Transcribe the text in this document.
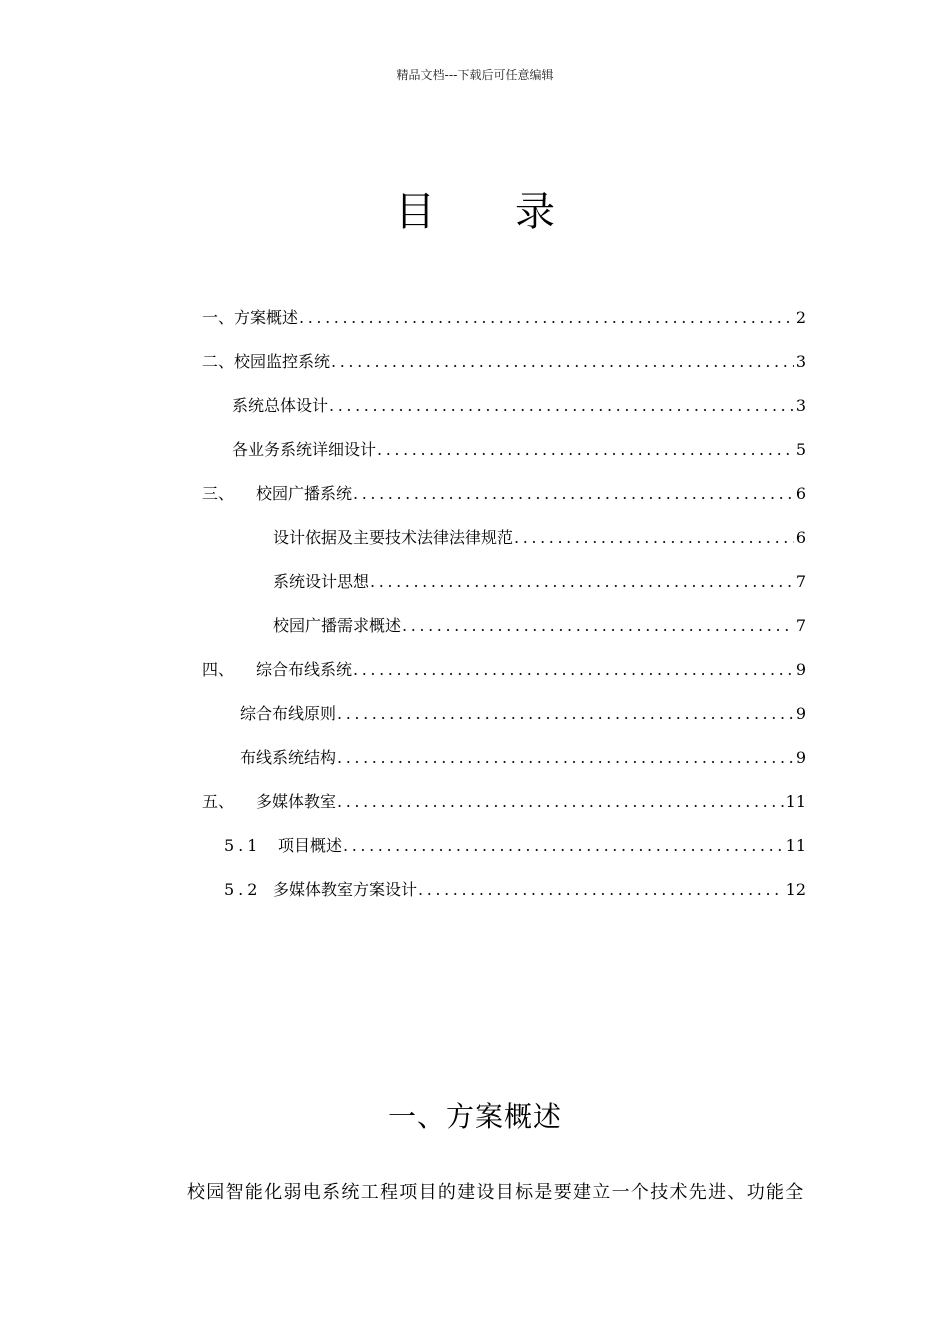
精品文档---下载后可任意编辑
目 录
一、 方案概述 .....	2
二、 校园监控系统 .....	3
系统总体设计 .....	3
各业务系统详细设计 .....	5
三、	校园广播系统 .....	6
设计依据及主要技术法律法律规范 .....	6
系统设计思想 .....	7
校园广播需求概述 .....	7
四、	综合布线系统 .....	9
综合布线原则 .....	9
布线系统结构 .....	9
五、	多媒体教室 .....	11
5.1	项目概述 .....	11
5.2 多媒体教室方案设计 .....	12
一、方案概述
校园智能化弱电系统工程项目的建设目标是要建立一个技术先进、功能全
